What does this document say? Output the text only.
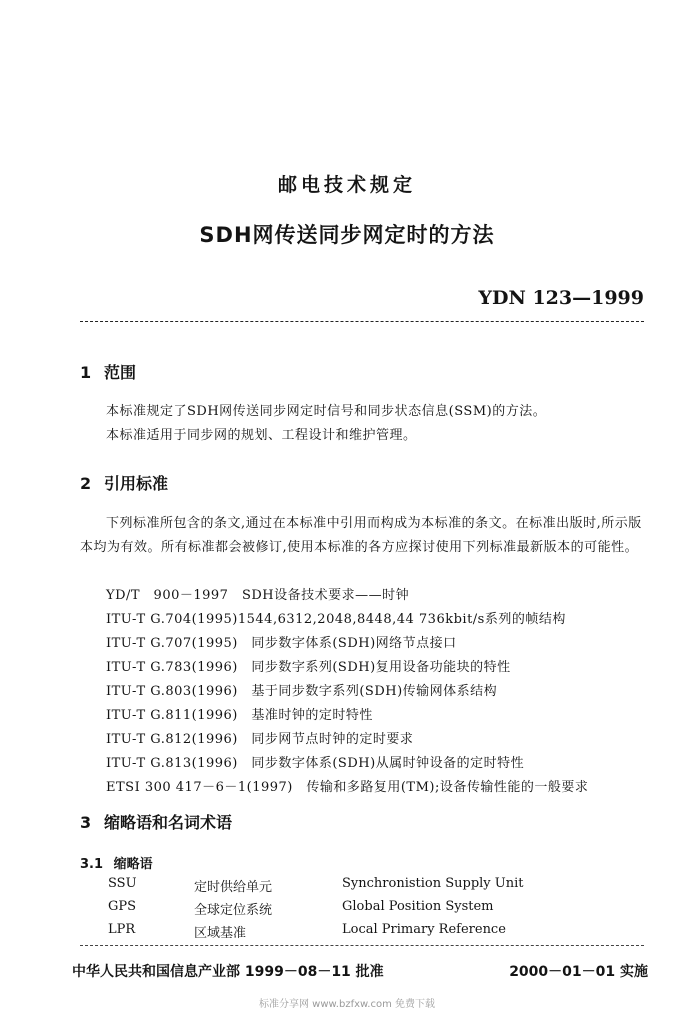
邮电技术规定
SDH网传送同步网定时的方法
YDN 123—1999
1 范围
本标准规定了SDH网传送同步网定时信号和同步状态信息(SSM)的方法。
本标准适用于同步网的规划、工程设计和维护管理。
2 引用标准
下列标准所包含的条文,通过在本标准中引用而构成为本标准的条文。在标准出版时,所示版本均为有效。所有标准都会被修订,使用本标准的各方应探讨使用下列标准最新版本的可能性。
YD/T　900－1997　SDH设备技术要求——时钟
ITU-T G.704(1995)1544,6312,2048,8448,44 736kbit/s系列的帧结构
ITU-T G.707(1995)　同步数字体系(SDH)网络节点接口
ITU-T G.783(1996)　同步数字系列(SDH)复用设备功能块的特性
ITU-T G.803(1996)　基于同步数字系列(SDH)传输网体系结构
ITU-T G.811(1996)　基准时钟的定时特性
ITU-T G.812(1996)　同步网节点时钟的定时要求
ITU-T G.813(1996)　同步数字体系(SDH)从属时钟设备的定时特性
ETSI 300 417－6－1(1997)　传输和多路复用(TM);设备传输性能的一般要求
3 缩略语和名词术语
3.1 缩略语
SSU	定时供给单元	Synchronistion Supply Unit
GPS	全球定位系统	Global Position System
LPR	区域基准	Local Primary Reference
中华人民共和国信息产业部 1999－08－11 批准	2000－01－01 实施
标准分享网 www.bzfxw.com 免费下载
